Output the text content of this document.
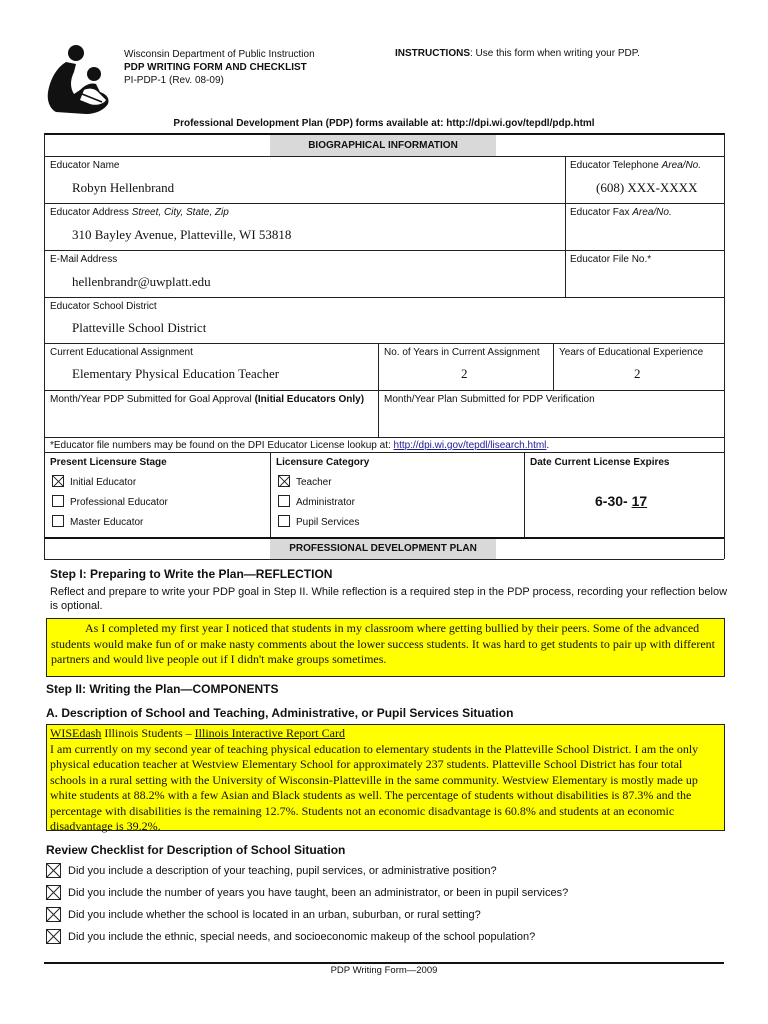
Wisconsin Department of Public Instruction
PDP WRITING FORM AND CHECKLIST
PI-PDP-1 (Rev. 08-09)
INSTRUCTIONS: Use this form when writing your PDP.
Professional Development Plan (PDP) forms available at: http://dpi.wi.gov/tepdl/pdp.html
BIOGRAPHICAL INFORMATION
Educator Name
Robyn Hellenbrand
Educator Telephone Area/No.
(608) XXX-XXXX
Educator Address Street, City, State, Zip
310 Bayley Avenue, Platteville, WI 53818
Educator Fax Area/No.
E-Mail Address
hellenbrandr@uwplatt.edu
Educator File No.*
Educator School District
Platteville School District
Current Educational Assignment
Elementary Physical Education Teacher
No. of Years in Current Assignment
2
Years of Educational Experience
2
Month/Year PDP Submitted for Goal Approval (Initial Educators Only) Month/Year Plan Submitted for PDP Verification
*Educator file numbers may be found on the DPI Educator License lookup at: http://dpi.wi.gov/tepdl/lisearch.html.
Present Licensure Stage
Initial Educator
Professional Educator
Master Educator
Licensure Category
Teacher
Administrator
Pupil Services
Date Current License Expires
6-30- 17
PROFESSIONAL DEVELOPMENT PLAN
Step I: Preparing to Write the Plan—REFLECTION
Reflect and prepare to write your PDP goal in Step II. While reflection is a required step in the PDP process, recording your reflection below is optional.
As I completed my first year I noticed that students in my classroom where getting bullied by their peers. Some of the advanced students would make fun of or make nasty comments about the lower success students. It was hard to get students to pair up with different partners and would live people out if I didn't make groups sometimes.
Step II: Writing the Plan—COMPONENTS
A. Description of School and Teaching, Administrative, or Pupil Services Situation
WISEdash Illinois Students – Illinois Interactive Report Card
I am currently on my second year of teaching physical education to elementary students in the Platteville School District. I am the only physical education teacher at Westview Elementary School for approximately 237 students. Platteville School District has four total schools in a rural setting with the University of Wisconsin-Platteville in the same community. Westview Elementary is mostly made up white students at 88.2% with a few Asian and Black students as well. The percentage of students without disabilities is 87.3% and the percentage with disabilities is the remaining 12.7%. Students not an economic disadvantage is 60.8% and students at an economic disadvantage is 39.2%.
Review Checklist for Description of School Situation
Did you include a description of your teaching, pupil services, or administrative position?
Did you include the number of years you have taught, been an administrator, or been in pupil services?
Did you include whether the school is located in an urban, suburban, or rural setting?
Did you include the ethnic, special needs, and socioeconomic makeup of the school population?
PDP Writing Form—2009
